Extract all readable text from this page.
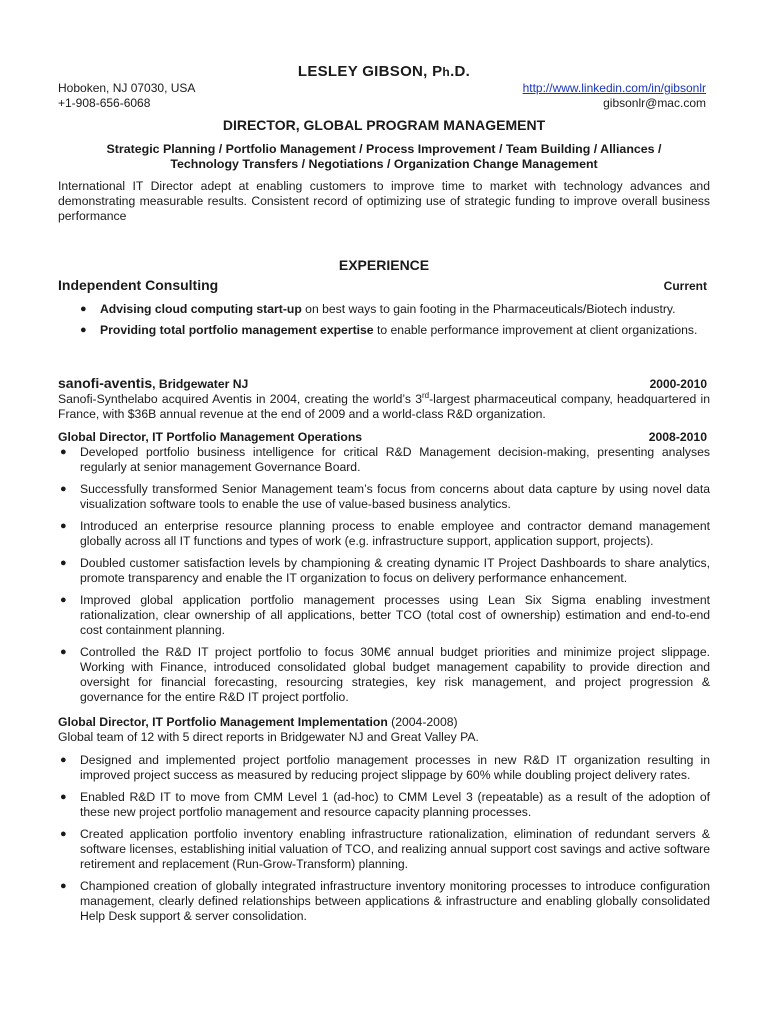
LESLEY GIBSON, Ph.D.
Hoboken, NJ 07030, USA	http://www.linkedin.com/in/gibsonlr
+1-908-656-6068	gibsonlr@mac.com
DIRECTOR, GLOBAL PROGRAM MANAGEMENT
Strategic Planning / Portfolio Management / Process Improvement / Team Building / Alliances /
Technology Transfers / Negotiations / Organization Change Management
International IT Director adept at enabling customers to improve time to market with technology advances and demonstrating measurable results. Consistent record of optimizing use of strategic funding to improve overall business performance
EXPERIENCE
Independent Consulting	Current
● Advising cloud computing start-up on best ways to gain footing in the Pharmaceuticals/Biotech industry.
● Providing total portfolio management expertise to enable performance improvement at client organizations.
sanofi-aventis, Bridgewater NJ	2000-2010
Sanofi-Synthelabo acquired Aventis in 2004, creating the world’s 3rd-largest pharmaceutical company, headquartered in France, with $36B annual revenue at the end of 2009 and a world-class R&D organization.
Global Director, IT Portfolio Management Operations	2008-2010
● Developed portfolio business intelligence for critical R&D Management decision-making, presenting analyses regularly at senior management Governance Board.
● Successfully transformed Senior Management team’s focus from concerns about data capture by using novel data visualization software tools to enable the use of value-based business analytics.
● Introduced an enterprise resource planning process to enable employee and contractor demand management globally across all IT functions and types of work (e.g. infrastructure support, application support, projects).
● Doubled customer satisfaction levels by championing & creating dynamic IT Project Dashboards to share analytics, promote transparency and enable the IT organization to focus on delivery performance enhancement.
● Improved global application portfolio management processes using Lean Six Sigma enabling investment rationalization, clear ownership of all applications, better TCO (total cost of ownership) estimation and end-to-end cost containment planning.
● Controlled the R&D IT project portfolio to focus 30M€ annual budget priorities and minimize project slippage. Working with Finance, introduced consolidated global budget management capability to provide direction and oversight for financial forecasting, resourcing strategies, key risk management, and project progression & governance for the entire R&D IT project portfolio.
Global Director, IT Portfolio Management Implementation (2004-2008)
Global team of 12 with 5 direct reports in Bridgewater NJ and Great Valley PA.
● Designed and implemented project portfolio management processes in new R&D IT organization resulting in improved project success as measured by reducing project slippage by 60% while doubling project delivery rates.
● Enabled R&D IT to move from CMM Level 1 (ad-hoc) to CMM Level 3 (repeatable) as a result of the adoption of these new project portfolio management and resource capacity planning processes.
● Created application portfolio inventory enabling infrastructure rationalization, elimination of redundant servers & software licenses, establishing initial valuation of TCO, and realizing annual support cost savings and active software retirement and replacement (Run-Grow-Transform) planning.
● Championed creation of globally integrated infrastructure inventory monitoring processes to introduce configuration management, clearly defined relationships between applications & infrastructure and enabling globally consolidated Help Desk support & server consolidation.
